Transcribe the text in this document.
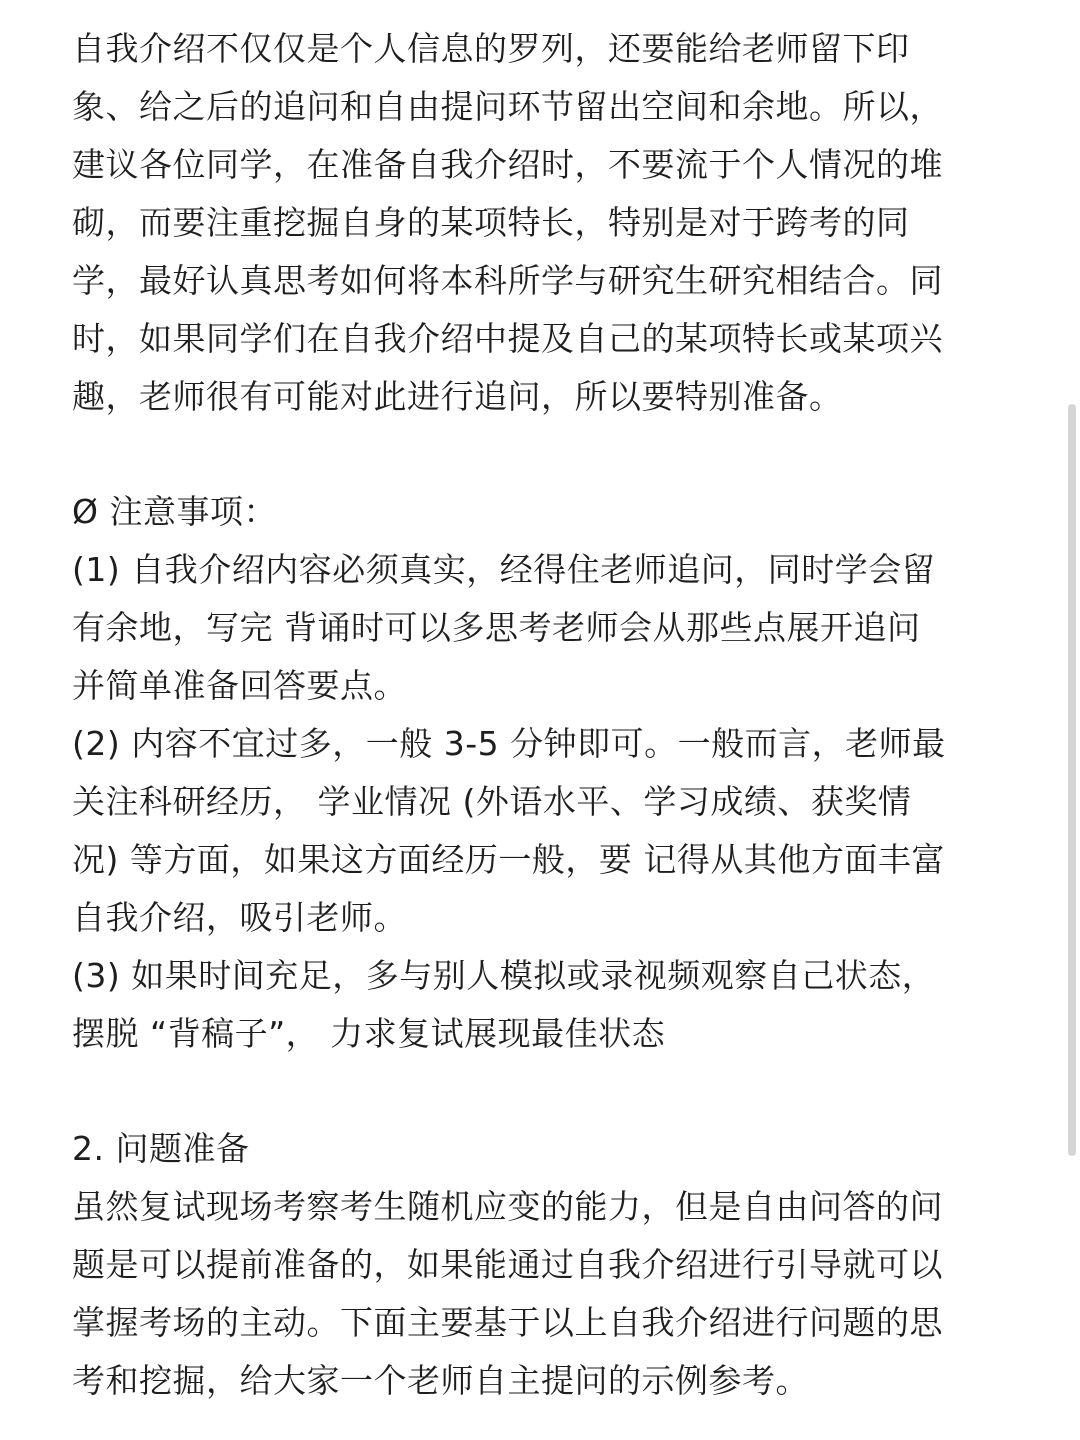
自我介绍不仅仅是个人信息的罗列，还要能给老师留下印
象、给之后的追问和自由提问环节留出空间和余地。所以，
建议各位同学，在准备自我介绍时，不要流于个人情况的堆
砌，而要注重挖掘自身的某项特长，特别是对于跨考的同
学，最好认真思考如何将本科所学与研究生研究相结合。同
时，如果同学们在自我介绍中提及自己的某项特长或某项兴
趣，老师很有可能对此进行追问，所以要特别准备。
Ø 注意事项：
(1) 自我介绍内容必须真实，经得住老师追问，同时学会留
有余地，写完 背诵时可以多思考老师会从那些点展开追问
并简单准备回答要点。
(2) 内容不宜过多，一般 3-5 分钟即可。一般而言，老师最
关注科研经历， 学业情况 (外语水平、学习成绩、获奖情
况) 等方面，如果这方面经历一般，要 记得从其他方面丰富
自我介绍，吸引老师。
(3) 如果时间充足，多与别人模拟或录视频观察自己状态，
摆脱 “背稿子”， 力求复试展现最佳状态
2. 问题准备
虽然复试现场考察考生随机应变的能力，但是自由问答的问
题是可以提前准备的，如果能通过自我介绍进行引导就可以
掌握考场的主动。下面主要基于以上自我介绍进行问题的思
考和挖掘，给大家一个老师自主提问的示例参考。
